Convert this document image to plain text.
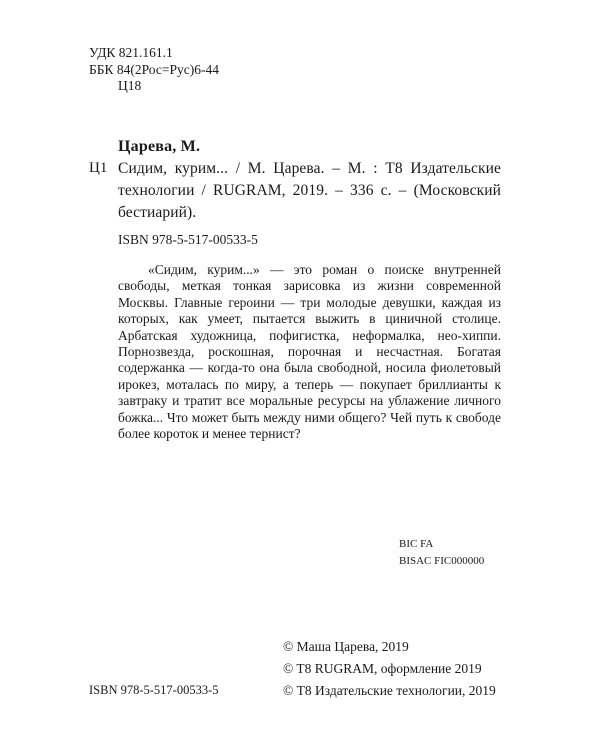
УДК 821.161.1
ББК 84(2Рос=Рус)6-44
Ц18
Царева, М.
Ц1 Сидим, курим... / М. Царева. – М. : Т8 Издательские технологии / RUGRAM, 2019. – 336 с. – (Московский бестиарий).
ISBN 978-5-517-00533-5
«Сидим, курим...» — это роман о поиске внутренней свободы, меткая тонкая зарисовка из жизни современной Москвы. Главные героини — три молодые девушки, каждая из которых, как умеет, пытается выжить в циничной столице. Арбатская художница, пофигистка, неформалка, нео-хиппи. Порнозвезда, роскошная, порочная и несчастная. Богатая содержанка — когда-то она была свободной, носила фиолетовый ирокез, моталась по миру, а теперь — покупает бриллианты к завтраку и тратит все моральные ресурсы на ублажение личного божка... Что может быть между ними общего? Чей путь к свободе более короток и менее тернист?
BIC FA
BISAC FIC000000
© Маша Царева, 2019
© T8 RUGRAM, оформление 2019
© Т8 Издательские технологии, 2019
ISBN 978-5-517-00533-5
